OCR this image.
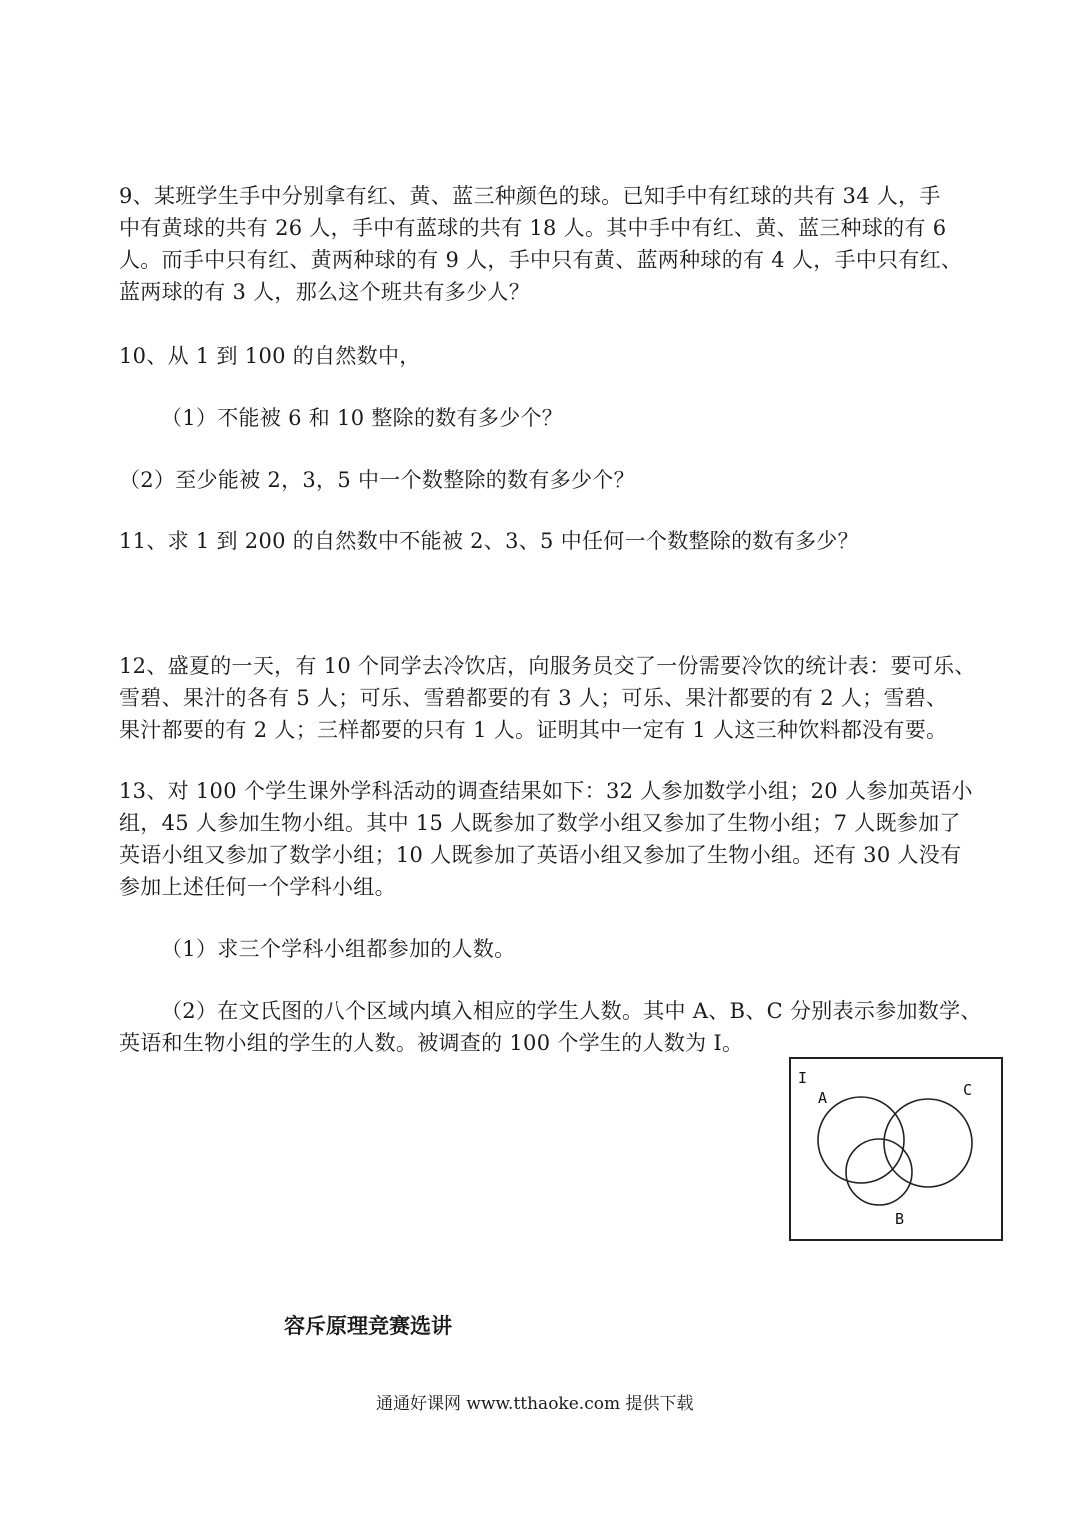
9、某班学生手中分别拿有红、黄、蓝三种颜色的球。已知手中有红球的共有 34 人，手
中有黄球的共有 26 人，手中有蓝球的共有 18 人。其中手中有红、黄、蓝三种球的有 6
人。而手中只有红、黄两种球的有 9 人，手中只有黄、蓝两种球的有 4 人，手中只有红、
蓝两球的有 3 人，那么这个班共有多少人？
10、从 1 到 100 的自然数中，
（1）不能被 6 和 10 整除的数有多少个？
（2）至少能被 2，3，5 中一个数整除的数有多少个？
11、求 1 到 200 的自然数中不能被 2、3、5 中任何一个数整除的数有多少？
12、盛夏的一天，有 10 个同学去冷饮店，向服务员交了一份需要冷饮的统计表：要可乐、
雪碧、果汁的各有 5 人；可乐、雪碧都要的有 3 人；可乐、果汁都要的有 2 人；雪碧、
果汁都要的有 2 人；三样都要的只有 1 人。证明其中一定有 1 人这三种饮料都没有要。
13、对 100 个学生课外学科活动的调查结果如下：32 人参加数学小组；20 人参加英语小
组，45 人参加生物小组。其中 15 人既参加了数学小组又参加了生物小组；7 人既参加了
英语小组又参加了数学小组；10 人既参加了英语小组又参加了生物小组。还有 30 人没有
参加上述任何一个学科小组。
（1）求三个学科小组都参加的人数。
（2）在文氏图的八个区域内填入相应的学生人数。其中 A、B、C 分别表示参加数学、
英语和生物小组的学生的人数。被调查的 100 个学生的人数为 I。
I
A	C
B
容斥原理竞赛选讲
通通好课网 www.tthaoke.com 提供下载
